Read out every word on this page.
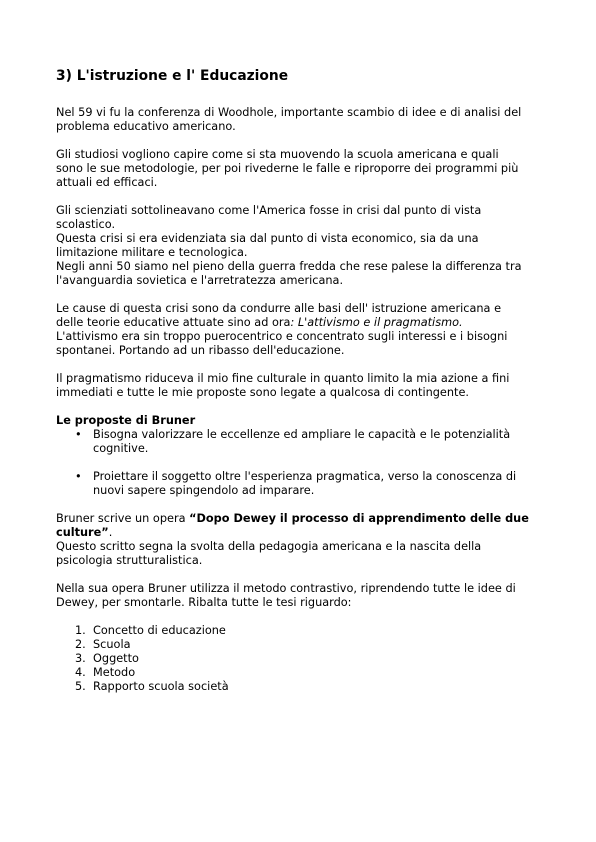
3) L'istruzione e l' Educazione

Nel 59 vi fu la conferenza di Woodhole, importante scambio di idee e di analisi del
problema educativo americano.

Gli studiosi vogliono capire come si sta muovendo la scuola americana e quali
sono le sue metodologie, per poi rivederne le falle e riproporre dei programmi più
attuali ed efficaci.

Gli scienziati sottolineavano come l'America fosse in crisi dal punto di vista
scolastico.
Questa crisi si era evidenziata sia dal punto di vista economico, sia da una
limitazione militare e tecnologica.
Negli anni 50 siamo nel pieno della guerra fredda che rese palese la differenza tra
l'avanguardia sovietica e l'arretratezza americana.

Le cause di questa crisi sono da condurre alle basi dell' istruzione americana e
delle teorie educative attuate sino ad ora: L'attivismo e il pragmatismo.
L'attivismo era sin troppo puerocentrico e concentrato sugli interessi e i bisogni
spontanei. Portando ad un ribasso dell'educazione.

Il pragmatismo riduceva il mio fine culturale in quanto limito la mia azione a fini
immediati e tutte le mie proposte sono legate a qualcosa di contingente.

Le proposte di Bruner
• Bisogna valorizzare le eccellenze ed ampliare le capacità e le potenzialità
cognitive.
• Proiettare il soggetto oltre l'esperienza pragmatica, verso la conoscenza di
nuovi sapere spingendolo ad imparare.

Bruner scrive un opera “Dopo Dewey il processo di apprendimento delle due
culture”.
Questo scritto segna la svolta della pedagogia americana e la nascita della
psicologia strutturalistica.

Nella sua opera Bruner utilizza il metodo contrastivo, riprendendo tutte le idee di
Dewey, per smontarle. Ribalta tutte le tesi riguardo:

1. Concetto di educazione
2. Scuola
3. Oggetto
4. Metodo
5. Rapporto scuola società
